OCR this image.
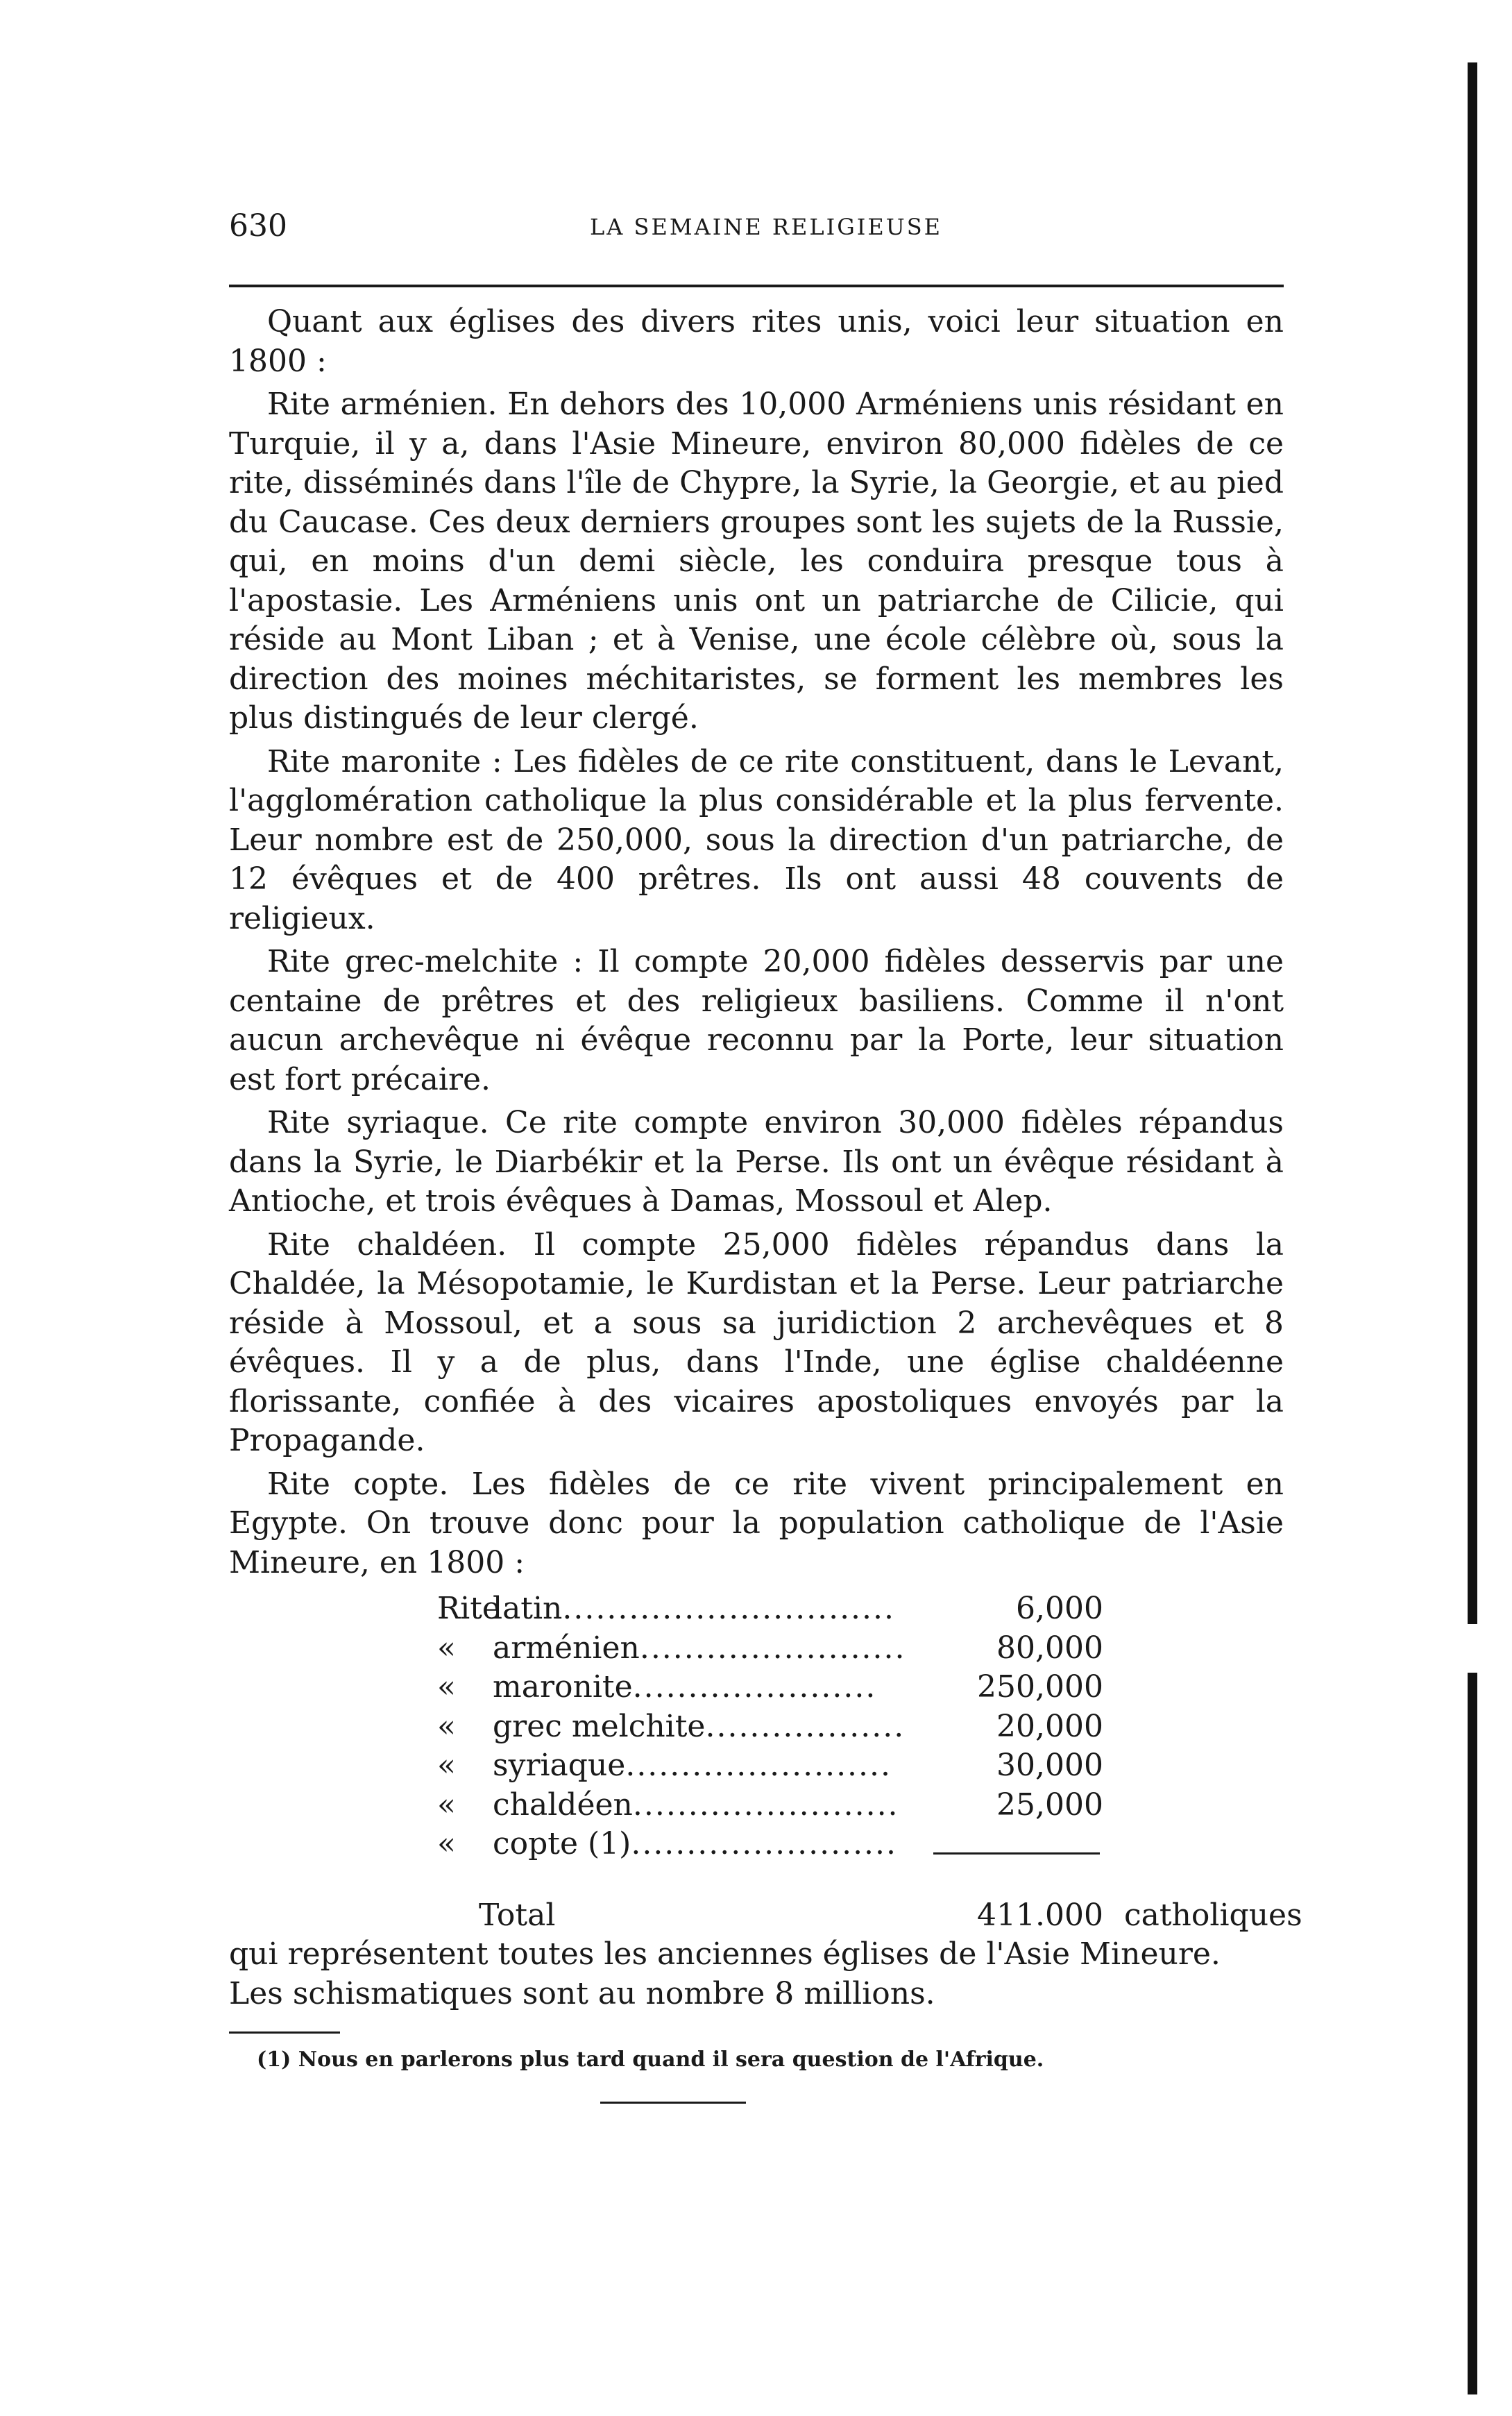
630	LA SEMAINE RELIGIEUSE

Quant aux églises des divers rites unis, voici leur situation en 1800 :

Rite arménien. En dehors des 10,000 Arméniens unis résidant en Turquie, il y a, dans l'Asie Mineure, environ 80,000 fidèles de ce rite, disséminés dans l'île de Chypre, la Syrie, la Georgie, et au pied du Caucase. Ces deux derniers groupes sont les sujets de la Russie, qui, en moins d'un demi siècle, les conduira presque tous à l'apostasie. Les Arméniens unis ont un patriarche de Cilicie, qui réside au Mont Liban ; et à Venise, une école célèbre où, sous la direction des moines méchitaristes, se forment les membres les plus distingués de leur clergé.

Rite maronite : Les fidèles de ce rite constituent, dans le Levant, l'agglomération catholique la plus considérable et la plus fervente. Leur nombre est de 250,000, sous la direction d'un patriarche, de 12 évêques et de 400 prêtres. Ils ont aussi 48 couvents de religieux.

Rite grec-melchite : Il compte 20,000 fidèles desservis par une centaine de prêtres et des religieux basiliens. Comme il n'ont aucun archevêque ni évêque reconnu par la Porte, leur situation est fort précaire.

Rite syriaque. Ce rite compte environ 30,000 fidèles répandus dans la Syrie, le Diarbékir et la Perse. Ils ont un évêque résidant à Antioche, et trois évêques à Damas, Mossoul et Alep.

Rite chaldéen. Il compte 25,000 fidèles répandus dans la Chaldée, la Mésopotamie, le Kurdistan et la Perse. Leur patriarche réside à Mossoul, et a sous sa juridiction 2 archevêques et 8 évêques. Il y a de plus, dans l'Inde, une église chaldéenne florissante, confiée à des vicaires apostoliques envoyés par la Propagande.

Rite copte. Les fidèles de ce rite vivent principalement en Egypte. On trouve donc pour la population catholique de l'Asie Mineure, en 1800 :

Rite latin..............................	6,000
« arménien........................	80,000
« maronite......................	250,000
« grec melchite..................	20,000
« syriaque........................	30,000
« chaldéen........................	25,000
« copte (1)........................
Total	411.000 catholiques

qui représentent toutes les anciennes églises de l'Asie Mineure.

Les schismatiques sont au nombre 8 millions.

(1) Nous en parlerons plus tard quand il sera question de l'Afrique.
